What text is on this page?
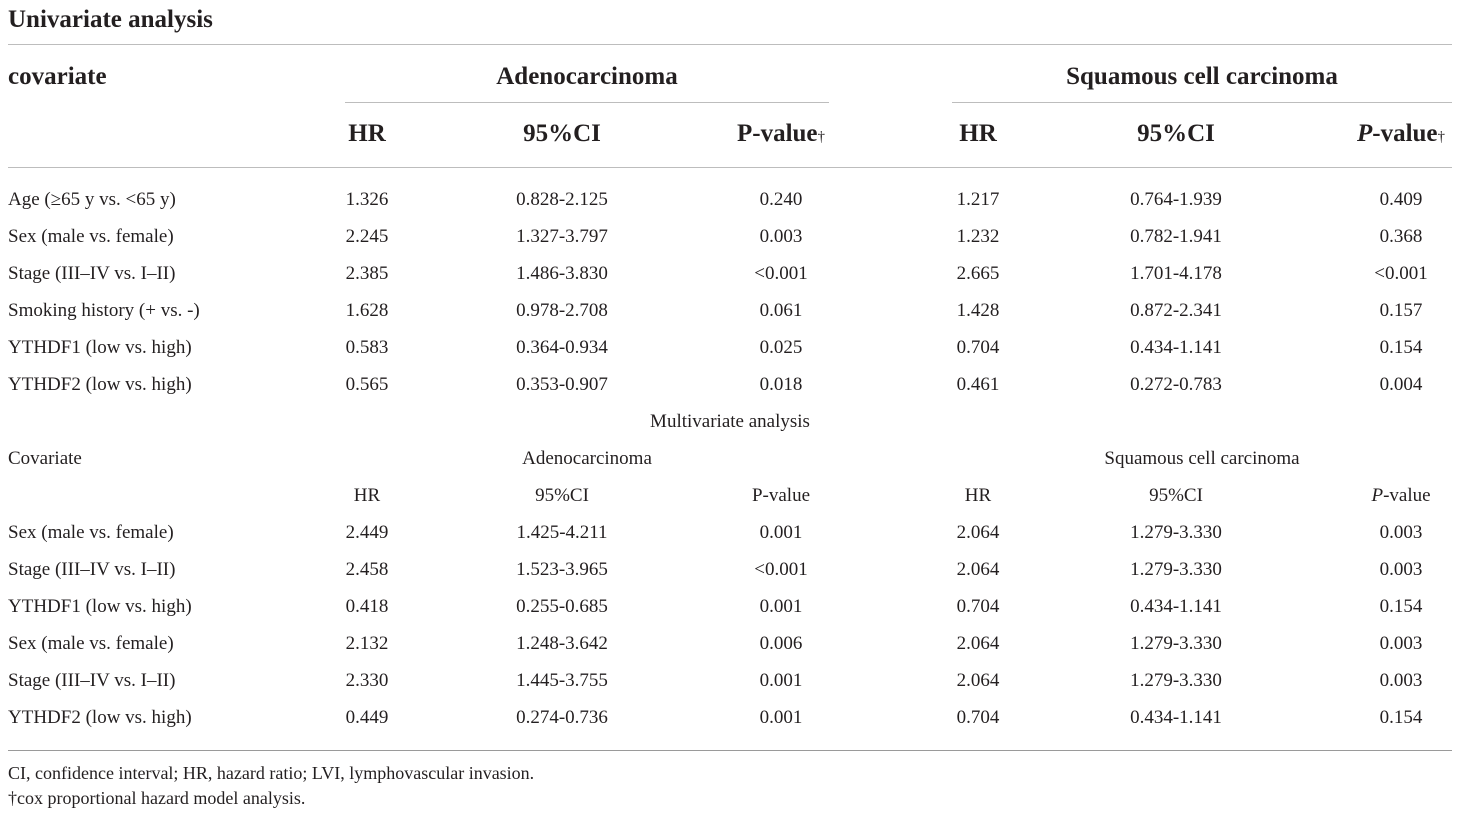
Univariate analysis
covariate	Adenocarcinoma	Squamous cell carcinoma
HR	95%CI	P-value†	HR	95%CI	P-value†
Age (≥65 y vs. <65 y)	1.326	0.828-2.125	0.240	1.217	0.764-1.939	0.409
Sex (male vs. female)	2.245	1.327-3.797	0.003	1.232	0.782-1.941	0.368
Stage (III–IV vs. I–II)	2.385	1.486-3.830	<0.001	2.665	1.701-4.178	<0.001
Smoking history (+ vs. -)	1.628	0.978-2.708	0.061	1.428	0.872-2.341	0.157
YTHDF1 (low vs. high)	0.583	0.364-0.934	0.025	0.704	0.434-1.141	0.154
YTHDF2 (low vs. high)	0.565	0.353-0.907	0.018	0.461	0.272-0.783	0.004
Multivariate analysis
Covariate	Adenocarcinoma	Squamous cell carcinoma
HR	95%CI	P-value	HR	95%CI	P-value
Sex (male vs. female)	2.449	1.425-4.211	0.001	2.064	1.279-3.330	0.003
Stage (III–IV vs. I–II)	2.458	1.523-3.965	<0.001	2.064	1.279-3.330	0.003
YTHDF1 (low vs. high)	0.418	0.255-0.685	0.001	0.704	0.434-1.141	0.154
Sex (male vs. female)	2.132	1.248-3.642	0.006	2.064	1.279-3.330	0.003
Stage (III–IV vs. I–II)	2.330	1.445-3.755	0.001	2.064	1.279-3.330	0.003
YTHDF2 (low vs. high)	0.449	0.274-0.736	0.001	0.704	0.434-1.141	0.154
CI, confidence interval; HR, hazard ratio; LVI, lymphovascular invasion.
†cox proportional hazard model analysis.
